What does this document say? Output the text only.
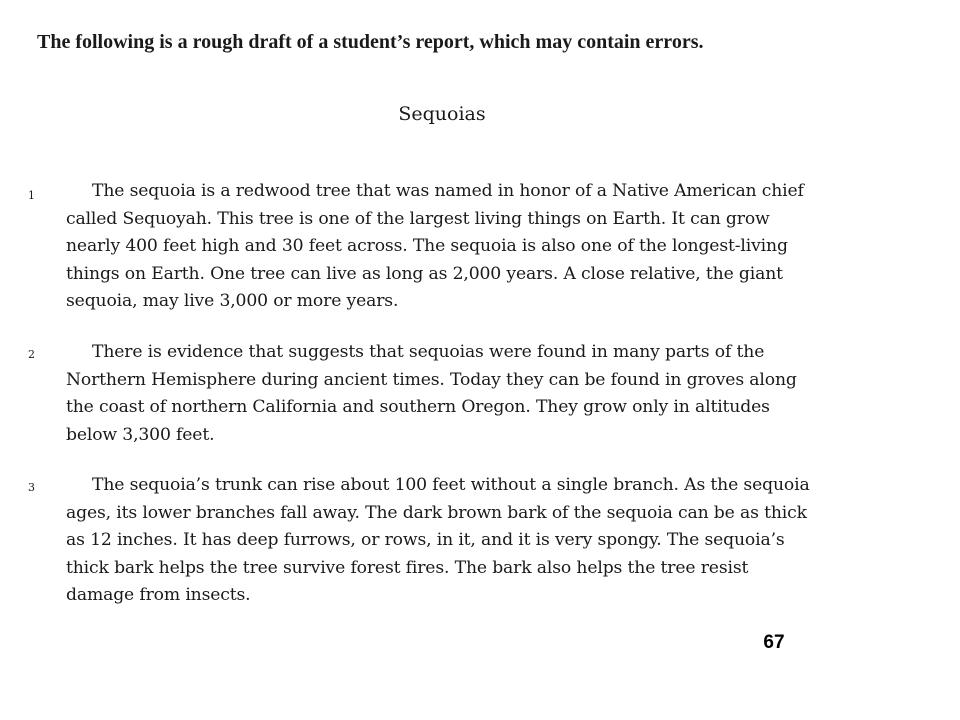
The following is a rough draft of a student’s report, which may contain errors.
Sequoias
1	The sequoia is a redwood tree that was named in honor of a Native American chief
called Sequoyah. This tree is one of the largest living things on Earth. It can grow
nearly 400 feet high and 30 feet across. The sequoia is also one of the longest-living
things on Earth. One tree can live as long as 2,000 years. A close relative, the giant
sequoia, may live 3,000 or more years.
2	There is evidence that suggests that sequoias were found in many parts of the
Northern Hemisphere during ancient times. Today they can be found in groves along
the coast of northern California and southern Oregon. They grow only in altitudes
below 3,300 feet.
3	The sequoia’s trunk can rise about 100 feet without a single branch. As the sequoia
ages, its lower branches fall away. The dark brown bark of the sequoia can be as thick
as 12 inches. It has deep furrows, or rows, in it, and it is very spongy. The sequoia’s
thick bark helps the tree survive forest fires. The bark also helps the tree resist
damage from insects.
67
